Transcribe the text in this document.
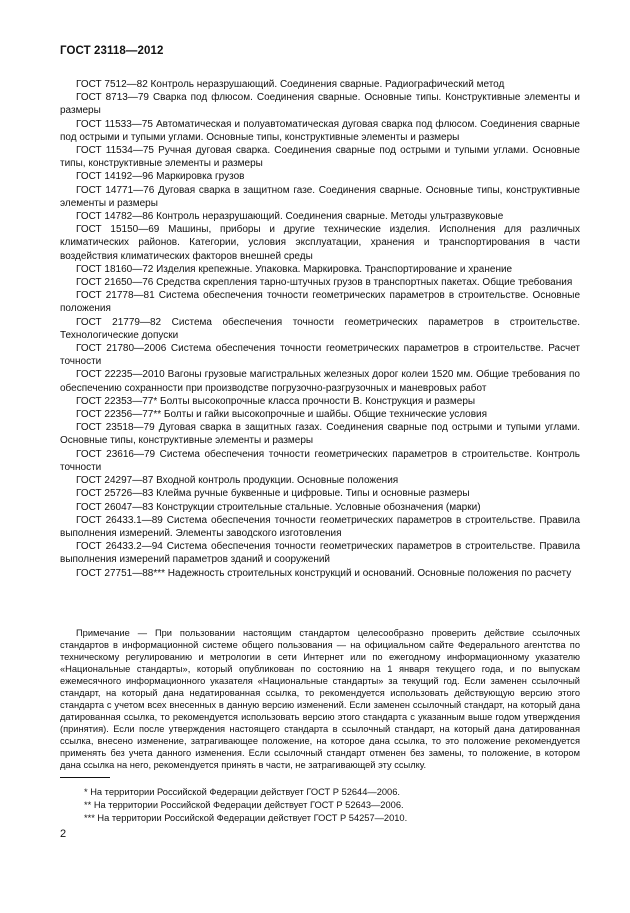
ГОСТ 23118—2012

ГОСТ 7512—82 Контроль неразрушающий. Соединения сварные. Радиографический метод

ГОСТ 8713—79 Сварка под флюсом. Соединения сварные. Основные типы. Конструктивные элементы и размеры

ГОСТ 11533—75 Автоматическая и полуавтоматическая дуговая сварка под флюсом. Соединения сварные под острыми и тупыми углами. Основные типы, конструктивные элементы и размеры

ГОСТ 11534—75 Ручная дуговая сварка. Соединения сварные под острыми и тупыми углами. Основные типы, конструктивные элементы и размеры

ГОСТ 14192—96 Маркировка грузов

ГОСТ 14771—76 Дуговая сварка в защитном газе. Соединения сварные. Основные типы, конструктивные элементы и размеры

ГОСТ 14782—86 Контроль неразрушающий. Соединения сварные. Методы ультразвуковые

ГОСТ 15150—69 Машины, приборы и другие технические изделия. Исполнения для различных климатических районов. Категории, условия эксплуатации, хранения и транспортирования в части воздействия климатических факторов внешней среды

ГОСТ 18160—72 Изделия крепежные. Упаковка. Маркировка. Транспортирование и хранение

ГОСТ 21650—76 Средства скрепления тарно-штучных грузов в транспортных пакетах. Общие требования

ГОСТ 21778—81 Система обеспечения точности геометрических параметров в строительстве. Основные положения

ГОСТ 21779—82 Система обеспечения точности геометрических параметров в строительстве. Технологические допуски

ГОСТ 21780—2006 Система обеспечения точности геометрических параметров в строительстве. Расчет точности

ГОСТ 22235—2010 Вагоны грузовые магистральных железных дорог колеи 1520 мм. Общие требования по обеспечению сохранности при производстве погрузочно-разгрузочных и маневровых работ

ГОСТ 22353—77* Болты высокопрочные класса прочности В. Конструкция и размеры

ГОСТ 22356—77** Болты и гайки высокопрочные и шайбы. Общие технические условия

ГОСТ 23518—79 Дуговая сварка в защитных газах. Соединения сварные под острыми и тупыми углами. Основные типы, конструктивные элементы и размеры

ГОСТ 23616—79 Система обеспечения точности геометрических параметров в строительстве. Контроль точности

ГОСТ 24297—87 Входной контроль продукции. Основные положения

ГОСТ 25726—83 Клейма ручные буквенные и цифровые. Типы и основные размеры

ГОСТ 26047—83 Конструкции строительные стальные. Условные обозначения (марки)

ГОСТ 26433.1—89 Система обеспечения точности геометрических параметров в строительстве. Правила выполнения измерений. Элементы заводского изготовления

ГОСТ 26433.2—94 Система обеспечения точности геометрических параметров в строительстве. Правила выполнения измерений параметров зданий и сооружений

ГОСТ 27751—88*** Надежность строительных конструкций и оснований. Основные положения по расчету

Примечание — При пользовании настоящим стандартом целесообразно проверить действие ссылочных стандартов в информационной системе общего пользования — на официальном сайте Федерального агентства по техническому регулированию и метрологии в сети Интернет или по ежегодному информационному указателю «Национальные стандарты», который опубликован по состоянию на 1 января текущего года, и по выпускам ежемесячного информационного указателя «Национальные стандарты» за текущий год. Если заменен ссылочный стандарт, на который дана недатированная ссылка, то рекомендуется использовать действующую версию этого стандарта с учетом всех внесенных в данную версию изменений. Если заменен ссылочный стандарт, на который дана датированная ссылка, то рекомендуется использовать версию этого стандарта с указанным выше годом утверждения (принятия). Если после утверждения настоящего стандарта в ссылочный стандарт, на который дана датированная ссылка, внесено изменение, затрагивающее положение, на которое дана ссылка, то это положение рекомендуется применять без учета данного изменения. Если ссылочный стандарт отменен без замены, то положение, в котором дана ссылка на него, рекомендуется принять в части, не затрагивающей эту ссылку.

* На территории Российской Федерации действует ГОСТ Р 52644—2006.

** На территории Российской Федерации действует ГОСТ Р 52643—2006.

*** На территории Российской Федерации действует ГОСТ Р 54257—2010.

2
